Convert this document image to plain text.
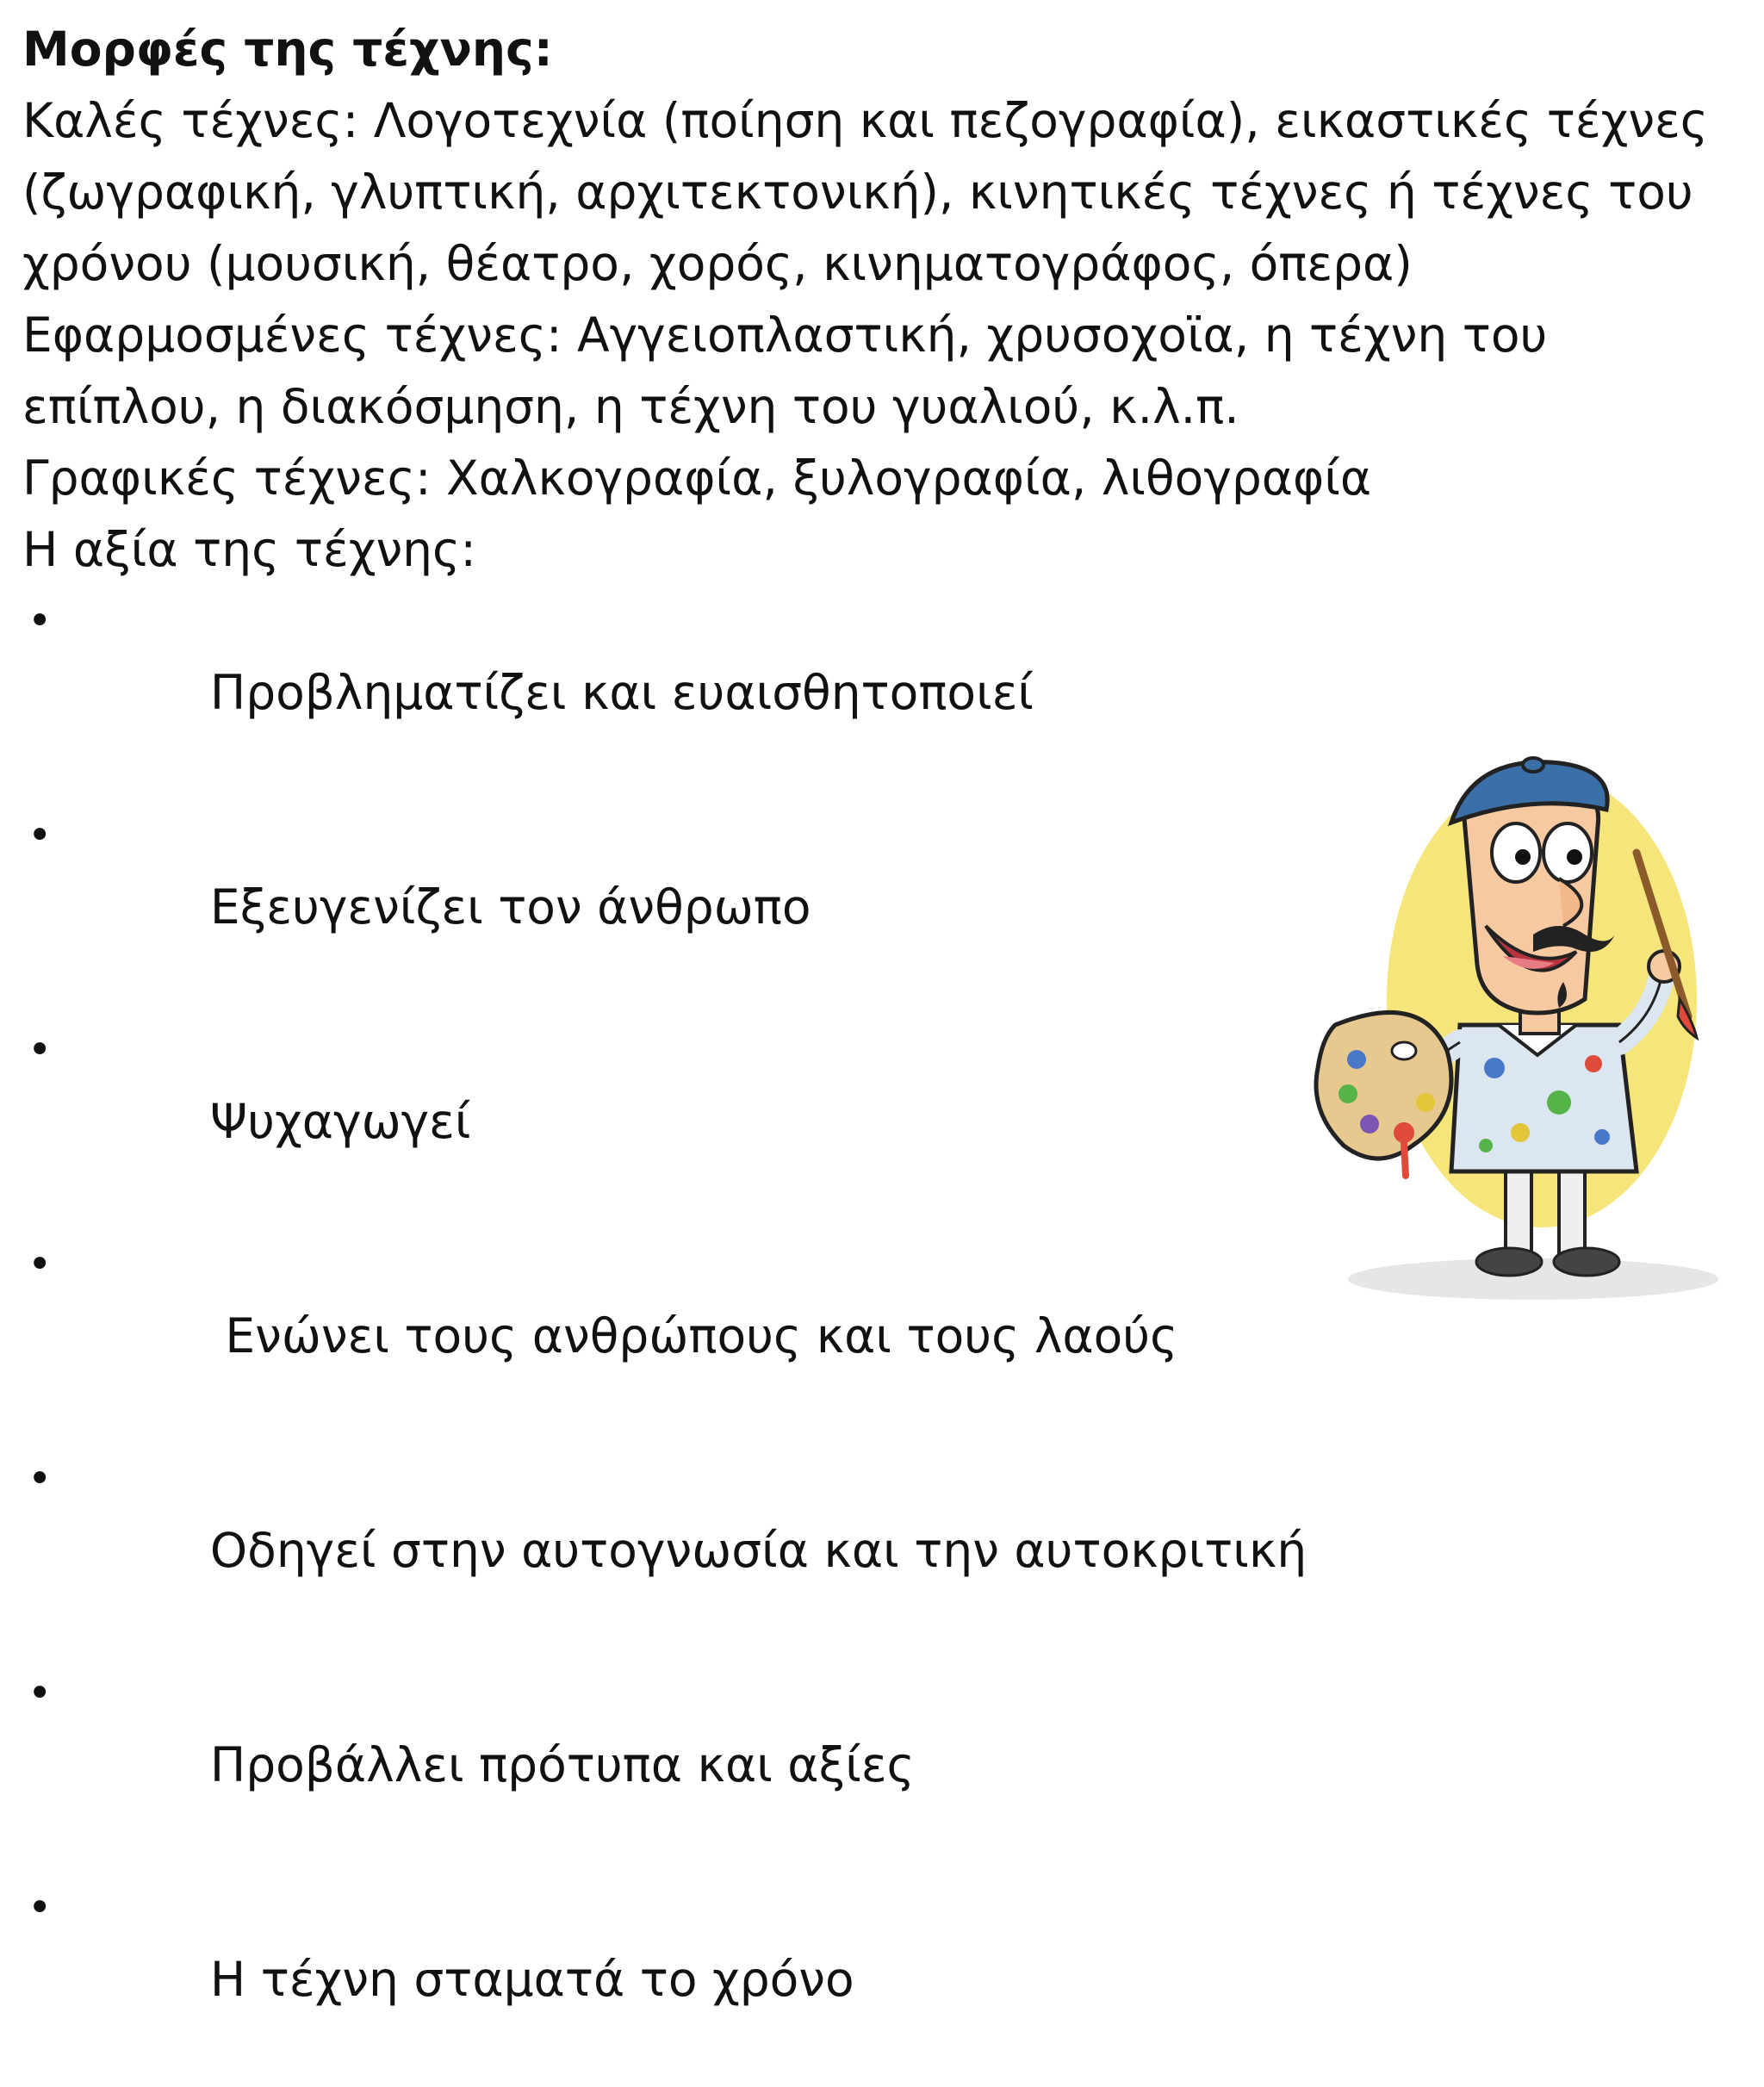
Μορφές της τέχνης:

Καλές τέχνες: Λογοτεχνία (ποίηση και πεζογραφία), εικαστικές τέχνες

(ζωγραφική, γλυπτική, αρχιτεκτονική), κινητικές τέχνες ή τέχνες του

χρόνου (μουσική, θέατρο, χορός, κινηματογράφος, όπερα)

Εφαρμοσμένες τέχνες: Αγγειοπλαστική, χρυσοχοϊα, η τέχνη του

επίπλου, η διακόσμηση, η τέχνη του γυαλιού, κ.λ.π.

Γραφικές τέχνες: Χαλκογραφία, ξυλογραφία, λιθογραφία

Η αξία της τέχνης:

•
Προβληματίζει και ευαισθητοποιεί

•
Εξευγενίζει τον άνθρωπο

•
Ψυχαγωγεί

•
Ενώνει τους ανθρώπους και τους λαούς

•
Οδηγεί στην αυτογνωσία και την αυτοκριτική

•
Προβάλλει πρότυπα και αξίες

•
Η τέχνη σταματά το χρόνο
